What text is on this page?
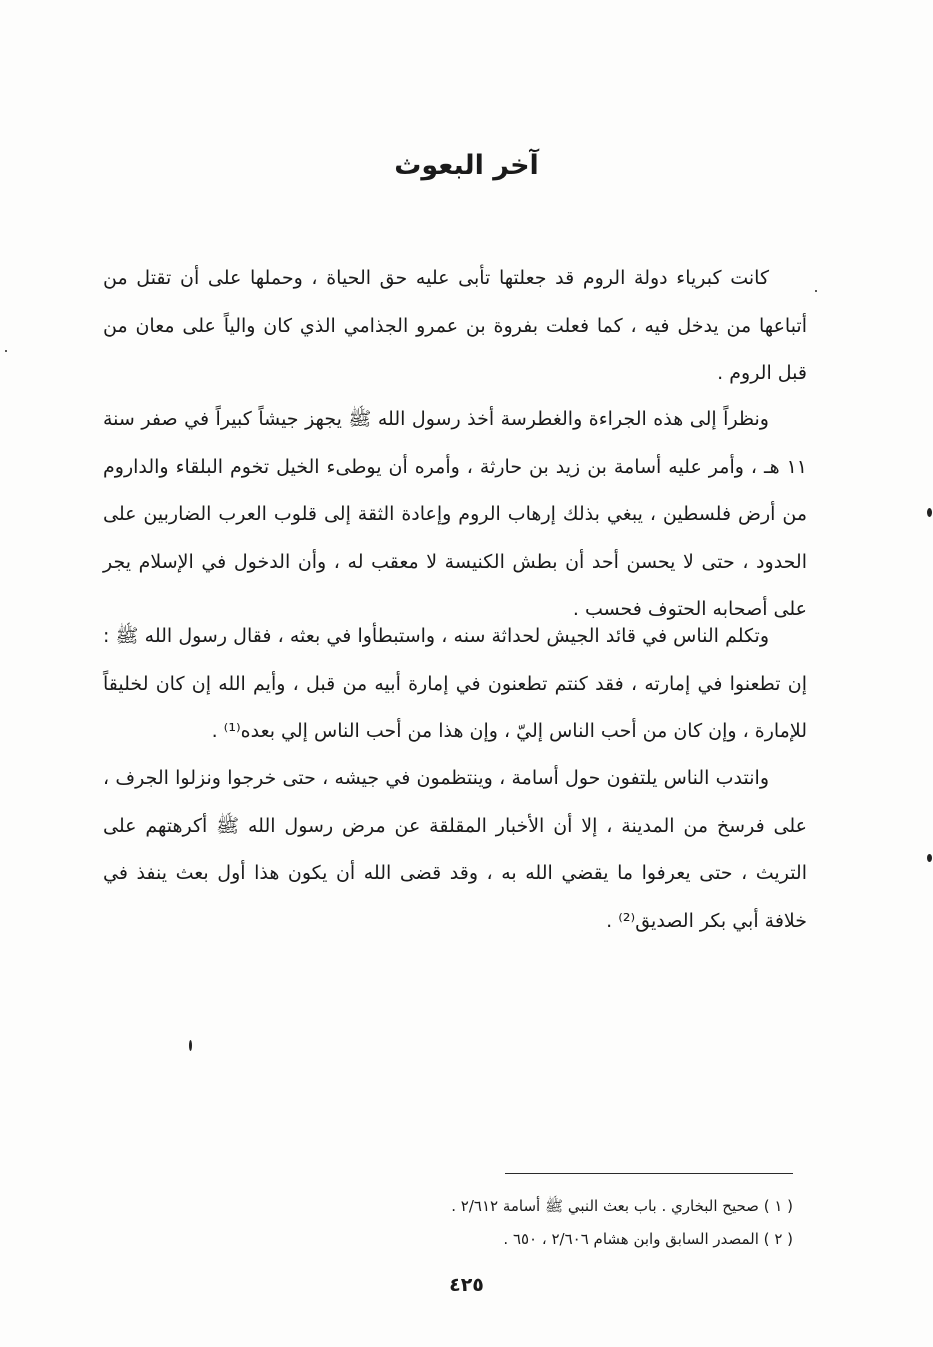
آخر البعوث

كانت كبرياء دولة الروم قد جعلتها تأبى عليه حق الحياة ، وحملها على أن تقتل من أتباعها من يدخل فيه ، كما فعلت بفروة بن عمرو الجذامي الذي كان والياً على معان من قبل الروم .

ونظراً إلى هذه الجراءة والغطرسة أخذ رسول الله ﷺ يجهز جيشاً كبيراً في صفر سنة ١١ هـ ، وأمر عليه أسامة بن زيد بن حارثة ، وأمره أن يوطىء الخيل تخوم البلقاء والداروم من أرض فلسطين ، يبغي بذلك إرهاب الروم وإعادة الثقة إلى قلوب العرب الضاربين على الحدود ، حتى لا يحسن أحد أن بطش الكنيسة لا معقب له ، وأن الدخول في الإسلام يجر على أصحابه الحتوف فحسب .

وتكلم الناس في قائد الجيش لحداثة سنه ، واستبطأوا في بعثه ، فقال رسول الله ﷺ : إن تطعنوا في إمارته ، فقد كنتم تطعنون في إمارة أبيه من قبل ، وأيم الله إن كان لخليقاً للإمارة ، وإن كان من أحب الناس إليّ ، وإن هذا من أحب الناس إلي بعده⁽¹⁾ .

وانتدب الناس يلتفون حول أسامة ، وينتظمون في جيشه ، حتى خرجوا ونزلوا الجرف ، على فرسخ من المدينة ، إلا أن الأخبار المقلقة عن مرض رسول الله ﷺ أكرهتهم على التريث ، حتى يعرفوا ما يقضي الله به ، وقد قضى الله أن يكون هذا أول بعث ينفذ في خلافة أبي بكر الصديق⁽²⁾ .

( ١ ) صحيح البخاري . باب بعث النبي ﷺ أسامة ٢/٦١٢ .
( ٢ ) المصدر السابق وابن هشام ٢/٦٠٦ ، ٦٥٠ .
٤٢٥
